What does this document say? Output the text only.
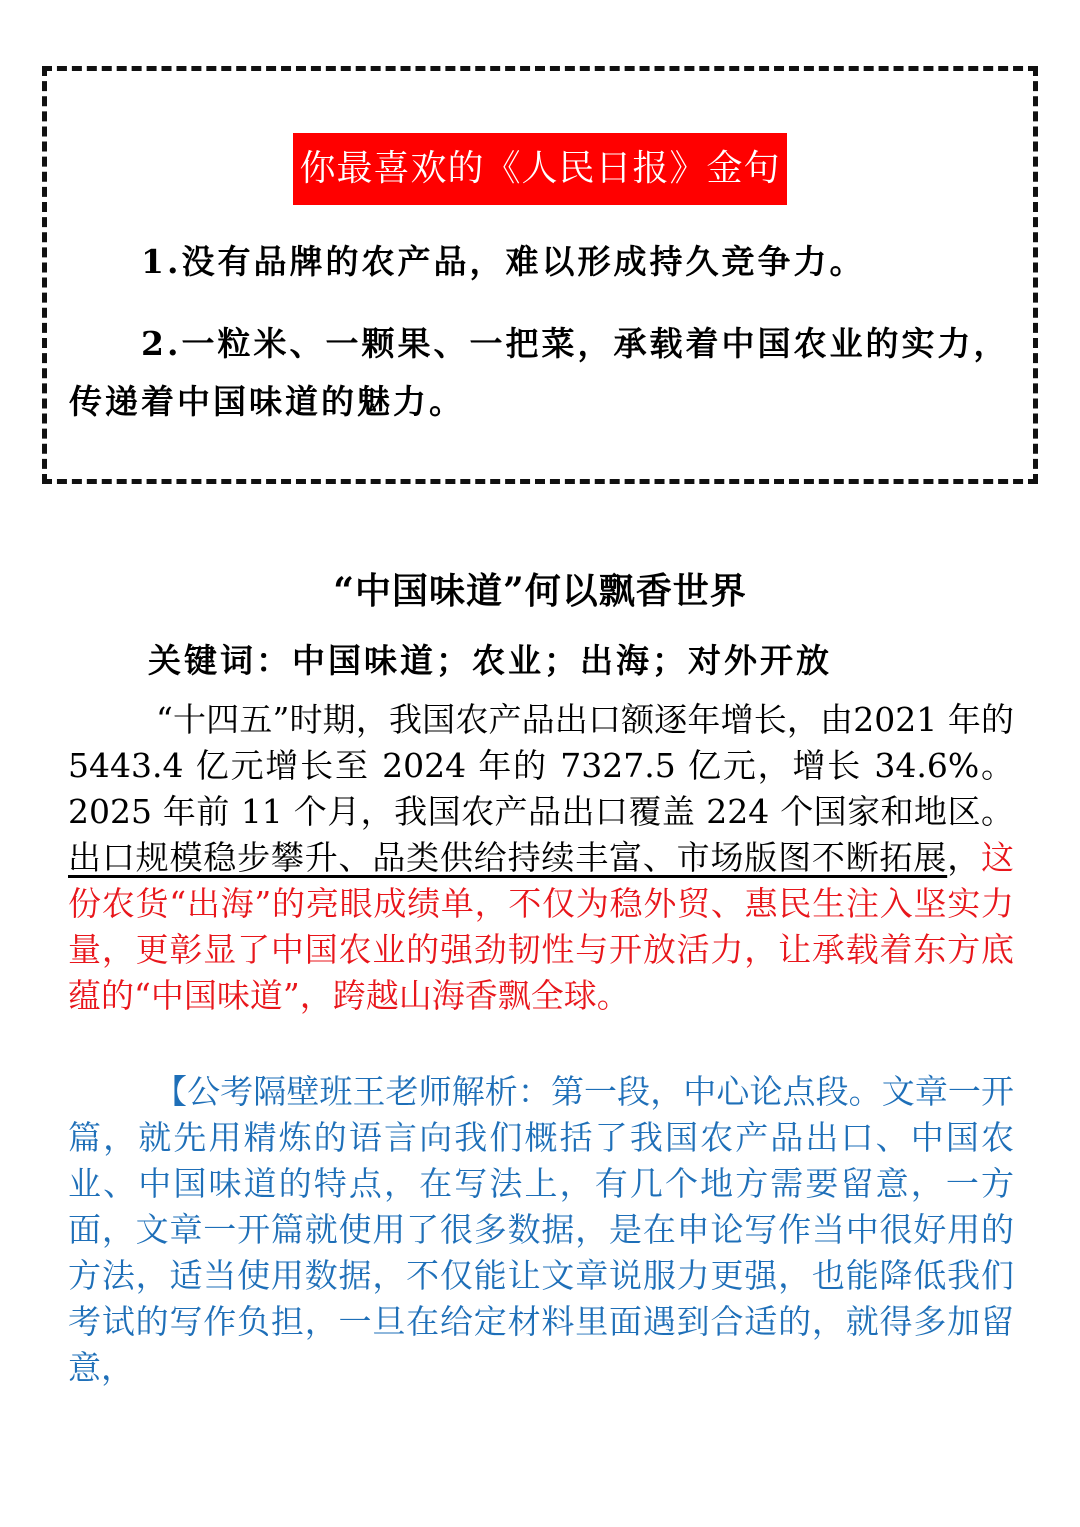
你最喜欢的《人民日报》金句
1.没有品牌的农产品，难以形成持久竞争力。
2.一粒米、一颗果、一把菜，承载着中国农业的实力，传递着中国味道的魅力。
“中国味道”何以飘香世界
关键词：中国味道；农业；出海；对外开放
“十四五”时期，我国农产品出口额逐年增长，由2021 年的 5443.4 亿元增长至 2024 年的 7327.5 亿元，增长 34.6%。2025 年前 11 个月，我国农产品出口覆盖 224 个国家和地区。出口规模稳步攀升、品类供给持续丰富、市场版图不断拓展，这份农货“出海”的亮眼成绩单，不仅为稳外贸、惠民生注入坚实力量，更彰显了中国农业的强劲韧性与开放活力，让承载着东方底蕴的“中国味道”，跨越山海香飘全球。
【公考隔壁班王老师解析：第一段，中心论点段。文章一开篇，就先用精炼的语言向我们概括了我国农产品出口、中国农业、中国味道的特点，在写法上，有几个地方需要留意，一方面，文章一开篇就使用了很多数据，是在申论写作当中很好用的方法，适当使用数据，不仅能让文章说服力更强，也能降低我们考试的写作负担，一旦在给定材料里面遇到合适的，就得多加留意，
